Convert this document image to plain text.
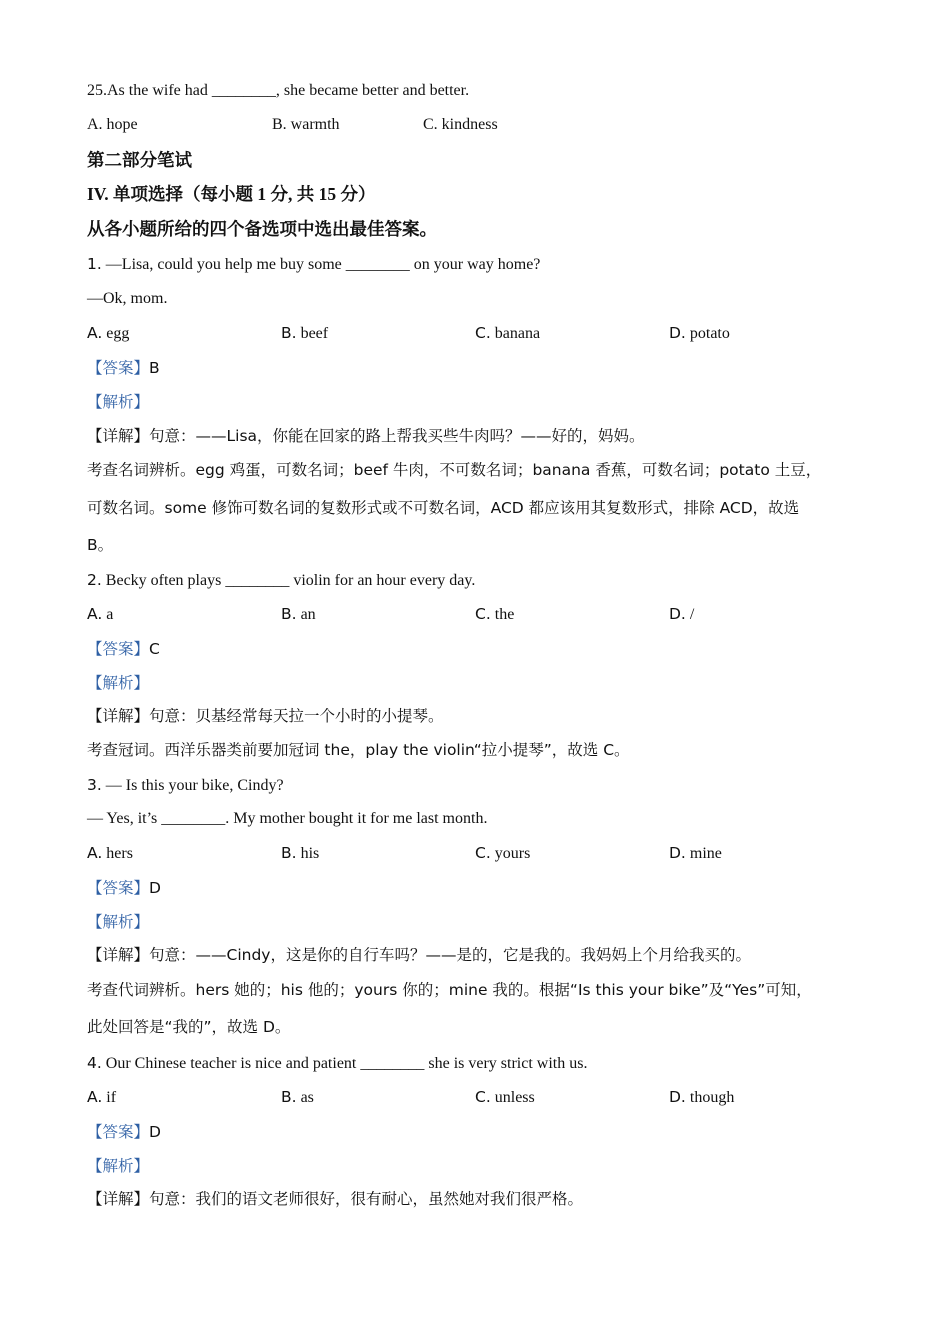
25.As the wife had ________, she became better and better.
A. hope	B. warmth	C. kindness
第二部分笔试
IV. 单项选择（每小题 1 分, 共 15 分）
从各小题所给的四个备选项中选出最佳答案。
1. —Lisa, could you help me buy some ________ on your way home?
—Ok, mom.
A. egg	B. beef	C. banana	D. potato
【答案】B
【解析】
【详解】句意：——Lisa，你能在回家的路上帮我买些牛肉吗？——好的，妈妈。
考查名词辨析。egg 鸡蛋，可数名词；beef 牛肉，不可数名词；banana 香蕉，可数名词；potato 土豆，
可数名词。some 修饰可数名词的复数形式或不可数名词，ACD 都应该用其复数形式，排除 ACD，故选
B。
2. Becky often plays ________ violin for an hour every day.
A. a	B. an	C. the	D. /
【答案】C
【解析】
【详解】句意：贝基经常每天拉一个小时的小提琴。
考查冠词。西洋乐器类前要加冠词 the，play the violin“拉小提琴”，故选 C。
3. — Is this your bike, Cindy?
— Yes, it’s ________. My mother bought it for me last month.
A. hers	B. his	C. yours	D. mine
【答案】D
【解析】
【详解】句意：——Cindy，这是你的自行车吗？——是的，它是我的。我妈妈上个月给我买的。
考查代词辨析。hers 她的；his 他的；yours 你的；mine 我的。根据“Is this your bike”及“Yes”可知，
此处回答是“我的”，故选 D。
4. Our Chinese teacher is nice and patient ________ she is very strict with us.
A. if	B. as	C. unless	D. though
【答案】D
【解析】
【详解】句意：我们的语文老师很好，很有耐心，虽然她对我们很严格。
